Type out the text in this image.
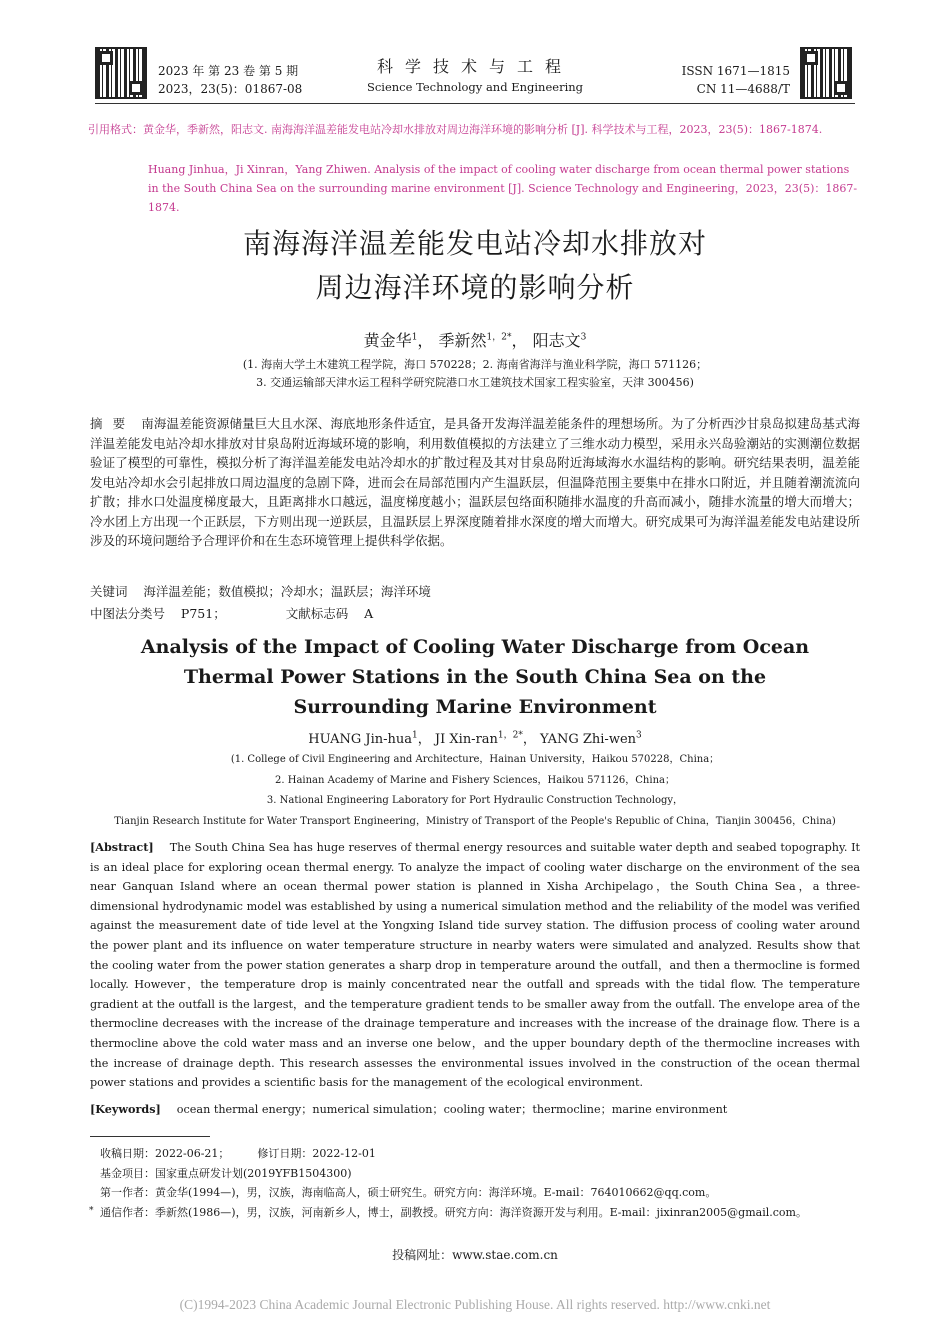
2023 年 第 23 卷 第 5 期
2023，23(5)：01867-08
科学技术与工程
Science Technology and Engineering
ISSN 1671—1815
CN 11—4688/T
引用格式：黄金华，季新然，阳志文. 南海海洋温差能发电站冷却水排放对周边海洋环境的影响分析 [J]. 科学技术与工程，2023，23(5)：1867-1874.
Huang Jinhua，Ji Xinran，Yang Zhiwen. Analysis of the impact of cooling water discharge from ocean thermal power stations in the South China Sea on the surrounding marine environment [J]. Science Technology and Engineering，2023，23(5)：1867-1874.
南海海洋温差能发电站冷却水排放对
周边海洋环境的影响分析
黄金华$^1$， 季新然$^{1,2*}$， 阳志文$^3$
(1. 海南大学土木建筑工程学院，海口 570228；2. 海南省海洋与渔业科学院，海口 571126；
3. 交通运输部天津水运工程科学研究院港口水工建筑技术国家工程实验室，天津 300456)
摘要 南海温差能资源储量巨大且水深、海底地形条件适宜，是具备开发海洋温差能条件的理想场所。为了分析西沙甘泉岛拟建岛基式海洋温差能发电站冷却水排放对甘泉岛附近海域环境的影响，利用数值模拟的方法建立了三维水动力模型，采用永兴岛验潮站的实测潮位数据验证了模型的可靠性，模拟分析了海洋温差能发电站冷却水的扩散过程及其对甘泉岛附近海域海水水温结构的影响。研究结果表明，温差能发电站冷却水会引起排放口周边温度的急剧下降，进而会在局部范围内产生温跃层，但温降范围主要集中在排水口附近，并且随着潮流流向扩散；排水口处温度梯度最大，且距离排水口越远，温度梯度越小；温跃层包络面积随排水温度的升高而减小，随排水流量的增大而增大；冷水团上方出现一个正跃层，下方则出现一逆跃层，且温跃层上界深度随着排水深度的增大而增大。研究成果可为海洋温差能发电站建设所涉及的环境问题给予合理评价和在生态环境管理上提供科学依据。
关键词 海洋温差能；数值模拟；冷却水；温跃层；海洋环境
中图法分类号 P751；	文献标志码 A
Analysis of the Impact of Cooling Water Discharge from Ocean
Thermal Power Stations in the South China Sea on the
Surrounding Marine Environment
HUANG Jin-hua$^1$， JI Xin-ran$^{1,2*}$， YANG Zhi-wen$^3$
(1. College of Civil Engineering and Architecture，Hainan University，Haikou 570228，China；
2. Hainan Academy of Marine and Fishery Sciences，Haikou 571126，China；
3. National Engineering Laboratory for Port Hydraulic Construction Technology，
Tianjin Research Institute for Water Transport Engineering，Ministry of Transport of the People's Republic of China，Tianjin 300456，China)
[Abstract] The South China Sea has huge reserves of thermal energy resources and suitable water depth and seabed topography. It is an ideal place for exploring ocean thermal energy. To analyze the impact of cooling water discharge on the environment of the sea near Ganquan Island where an ocean thermal power station is planned in Xisha Archipelago，the South China Sea，a three-dimensional hydrodynamic model was established by using a numerical simulation method and the reliability of the model was verified against the measurement date of tide level at the Yongxing Island tide survey station. The diffusion process of cooling water around the power plant and its influence on water temperature structure in nearby waters were simulated and analyzed. Results show that the cooling water from the power station generates a sharp drop in temperature around the outfall，and then a thermocline is formed locally. However，the temperature drop is mainly concentrated near the outfall and spreads with the tidal flow. The temperature gradient at the outfall is the largest，and the temperature gradient tends to be smaller away from the outfall. The envelope area of the thermocline decreases with the increase of the drainage temperature and increases with the increase of the drainage flow. There is a thermocline above the cold water mass and an inverse one below，and the upper boundary depth of the thermocline increases with the increase of drainage depth. This research assesses the environmental issues involved in the construction of the ocean thermal power stations and provides a scientific basis for the management of the ecological environment.
[Keywords] ocean thermal energy；numerical simulation；cooling water；thermocline；marine environment
收稿日期：2022-06-21；	修订日期：2022-12-01
基金项目：国家重点研发计划(2019YFB1504300)
第一作者：黄金华(1994—)，男，汉族，海南临高人，硕士研究生。研究方向：海洋环境。E-mail：764010662@qq.com。
通信作者：季新然(1986—)，男，汉族，河南新乡人，博士，副教授。研究方向：海洋资源开发与利用。E-mail：jixinran2005@gmail.com。
*
投稿网址：www.stae.com.cn
(C)1994-2023 China Academic Journal Electronic Publishing House. All rights reserved. http://www.cnki.net
